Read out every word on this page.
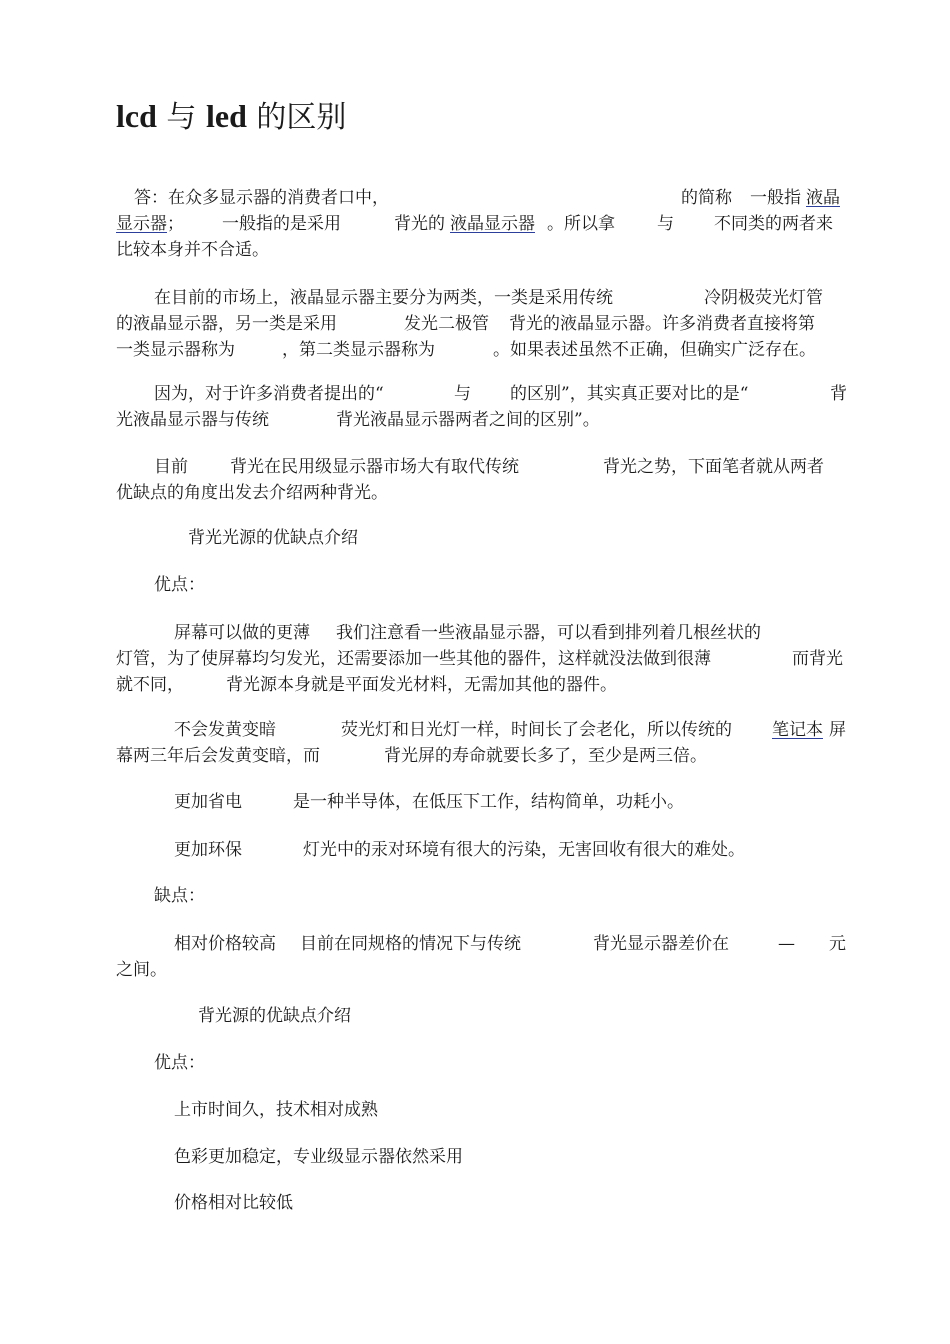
lcd 与 led 的区别
答：在众多显示器的消费者口中，	的简称 一般指 液晶
显示器 ； 一般指的是采用	背光的 液晶显示器 。所以拿 与 不同类的两者来
比较本身并不合适。
在目前的市场上，液晶显示器主要分为两类，一类是采用传统	冷阴极荧光灯管
的液晶显示器，另一类是采用	发光二极管 背光的液晶显示器。许多消费者直接将第
一类显示器称为	，第二类显示器称为	。如果表述虽然不正确，但确实广泛存在。
因为，对于许多消费者提出的“	与 的区别”，其实真正要对比的是“	背
光液晶显示器与传统	背光液晶显示器两者之间的区别”。
目前 背光在民用级显示器市场大有取代传统	背光之势，下面笔者就从两者
优缺点的角度出发去介绍两种背光。
背光光源的优缺点介绍
优点：
屏幕可以做的更薄 我们注意看一些液晶显示器，可以看到排列着几根丝状的
灯管，为了使屏幕均匀发光，还需要添加一些其他的器件，这样就没法做到很薄	而背光
就不同， 背光源本身就是平面发光材料，无需加其他的器件。
不会发黄变暗	荧光灯和日光灯一样，时间长了会老化，所以传统的 笔记本 屏
幕两三年后会发黄变暗，而	背光屏的寿命就要长多了，至少是两三倍。
更加省电	是一种半导体，在低压下工作，结构简单，功耗小。
更加环保	灯光中的汞对环境有很大的污染，无害回收有很大的难处。
缺点：
相对价格较高 目前在同规格的情况下与传统	背光显示器差价在	— 元
之间。
背光源的优缺点介绍
优点：
上市时间久，技术相对成熟
色彩更加稳定，专业级显示器依然采用
价格相对比较低
